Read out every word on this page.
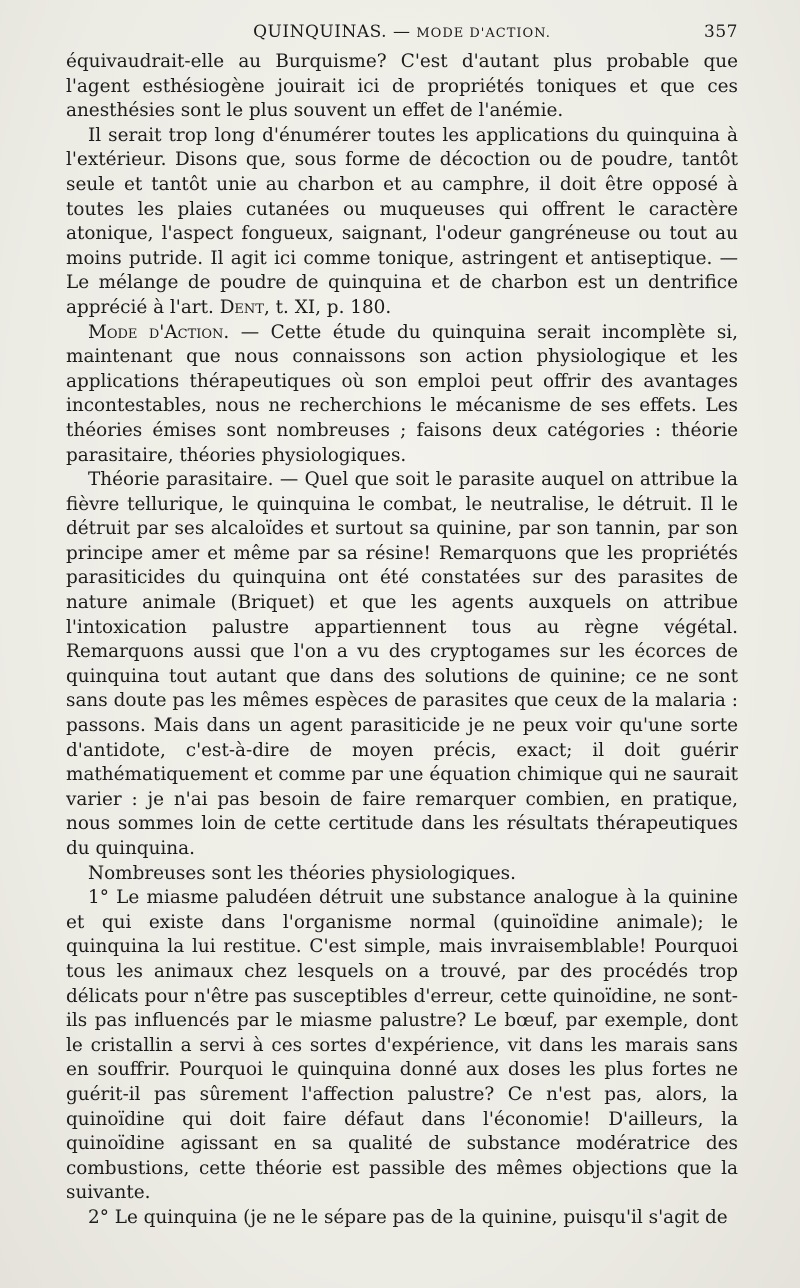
QUINQUINAS. — MODE D'ACTION.	357

équivaudrait-elle au Burquisme? C'est d'autant plus probable que l'agent esthésiogène jouirait ici de propriétés toniques et que ces anesthésies sont le plus souvent un effet de l'anémie.

Il serait trop long d'énumérer toutes les applications du quinquina à l'extérieur. Disons que, sous forme de décoction ou de poudre, tantôt seule et tantôt unie au charbon et au camphre, il doit être opposé à toutes les plaies cutanées ou muqueuses qui offrent le caractère atonique, l'aspect fongueux, saignant, l'odeur gangréneuse ou tout au moins putride. Il agit ici comme tonique, astringent et antiseptique. — Le mélange de poudre de quinquina et de charbon est un dentrifice apprécié à l'art. Dent, t. XI, p. 180.

Mode d'Action. — Cette étude du quinquina serait incomplète si, maintenant que nous connaissons son action physiologique et les applications thérapeutiques où son emploi peut offrir des avantages incontestables, nous ne recherchions le mécanisme de ses effets. Les théories émises sont nombreuses ; faisons deux catégories : théorie parasitaire, théories physiologiques.

Théorie parasitaire. — Quel que soit le parasite auquel on attribue la fièvre tellurique, le quinquina le combat, le neutralise, le détruit. Il le détruit par ses alcaloïdes et surtout sa quinine, par son tannin, par son principe amer et même par sa résine! Remarquons que les propriétés parasiticides du quinquina ont été constatées sur des parasites de nature animale (Briquet) et que les agents auxquels on attribue l'intoxication palustre appartiennent tous au règne végétal. Remarquons aussi que l'on a vu des cryptogames sur les écorces de quinquina tout autant que dans des solutions de quinine; ce ne sont sans doute pas les mêmes espèces de parasites que ceux de la malaria : passons. Mais dans un agent parasiticide je ne peux voir qu'une sorte d'antidote, c'est-à-dire de moyen précis, exact; il doit guérir mathématiquement et comme par une équation chimique qui ne saurait varier : je n'ai pas besoin de faire remarquer combien, en pratique, nous sommes loin de cette certitude dans les résultats thérapeutiques du quinquina.

Nombreuses sont les théories physiologiques.

1° Le miasme paludéen détruit une substance analogue à la quinine et qui existe dans l'organisme normal (quinoïdine animale); le quinquina la lui restitue. C'est simple, mais invraisemblable! Pourquoi tous les animaux chez lesquels on a trouvé, par des procédés trop délicats pour n'être pas susceptibles d'erreur, cette quinoïdine, ne sont-ils pas influencés par le miasme palustre? Le bœuf, par exemple, dont le cristallin a servi à ces sortes d'expérience, vit dans les marais sans en souffrir. Pourquoi le quinquina donné aux doses les plus fortes ne guérit-il pas sûrement l'affection palustre? Ce n'est pas, alors, la quinoïdine qui doit faire défaut dans l'économie! D'ailleurs, la quinoïdine agissant en sa qualité de substance modératrice des combustions, cette théorie est passible des mêmes objections que la suivante.

2° Le quinquina (je ne le sépare pas de la quinine, puisqu'il s'agit de
